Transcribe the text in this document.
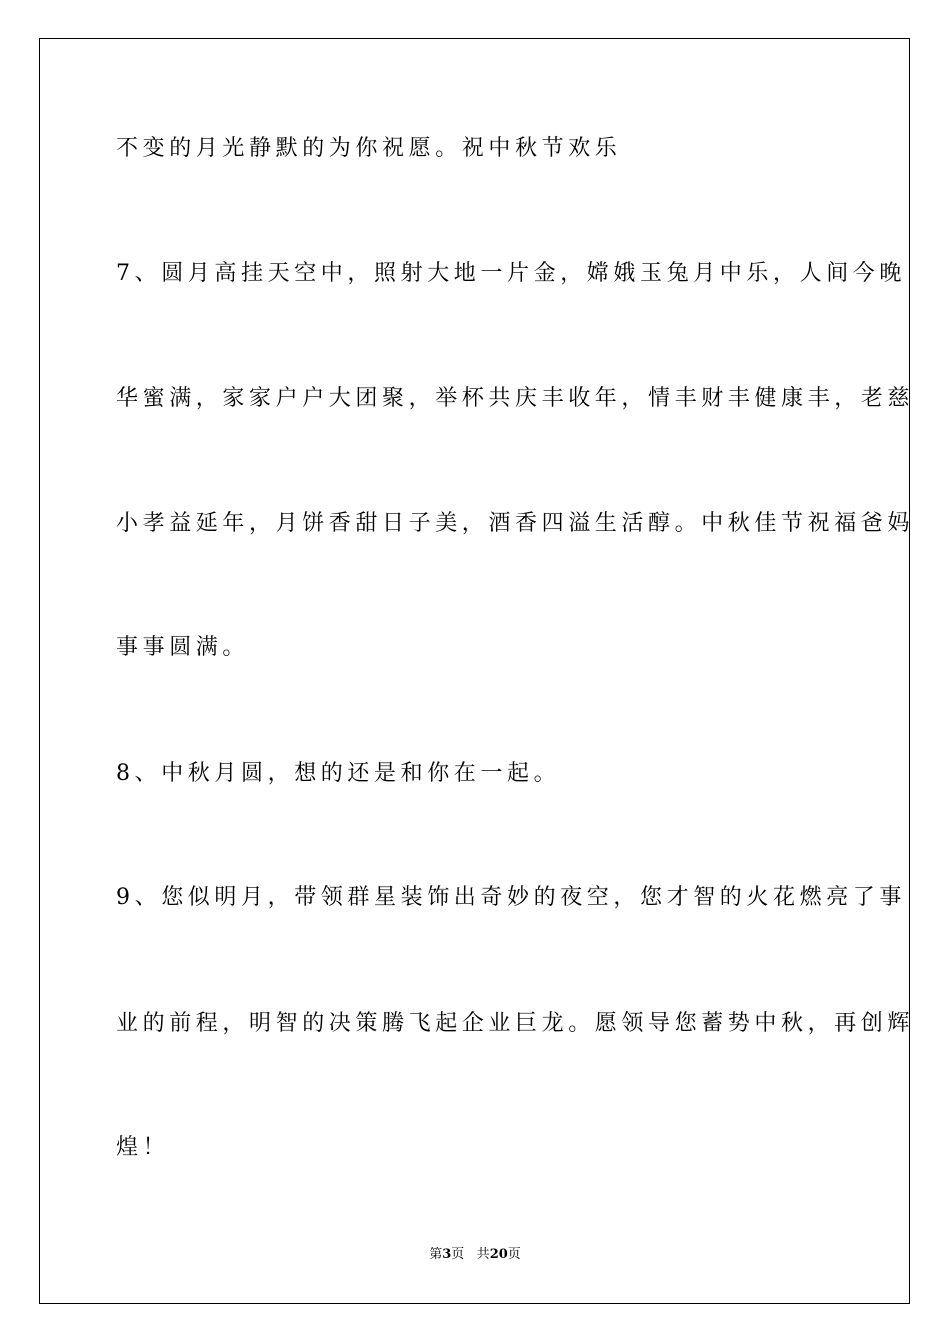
不变的月光静默的为你祝愿。祝中秋节欢乐
7、圆月高挂天空中，照射大地一片金，嫦娥玉兔月中乐，人间今晚
华蜜满，家家户户大团聚，举杯共庆丰收年，情丰财丰健康丰，老慈
小孝益延年，月饼香甜日子美，酒香四溢生活醇。中秋佳节祝福爸妈
事事圆满。
8、中秋月圆，想的还是和你在一起。
9、您似明月，带领群星装饰出奇妙的夜空，您才智的火花燃亮了事
业的前程，明智的决策腾飞起企业巨龙。愿领导您蓄势中秋，再创辉
煌！
第3页 共20页
